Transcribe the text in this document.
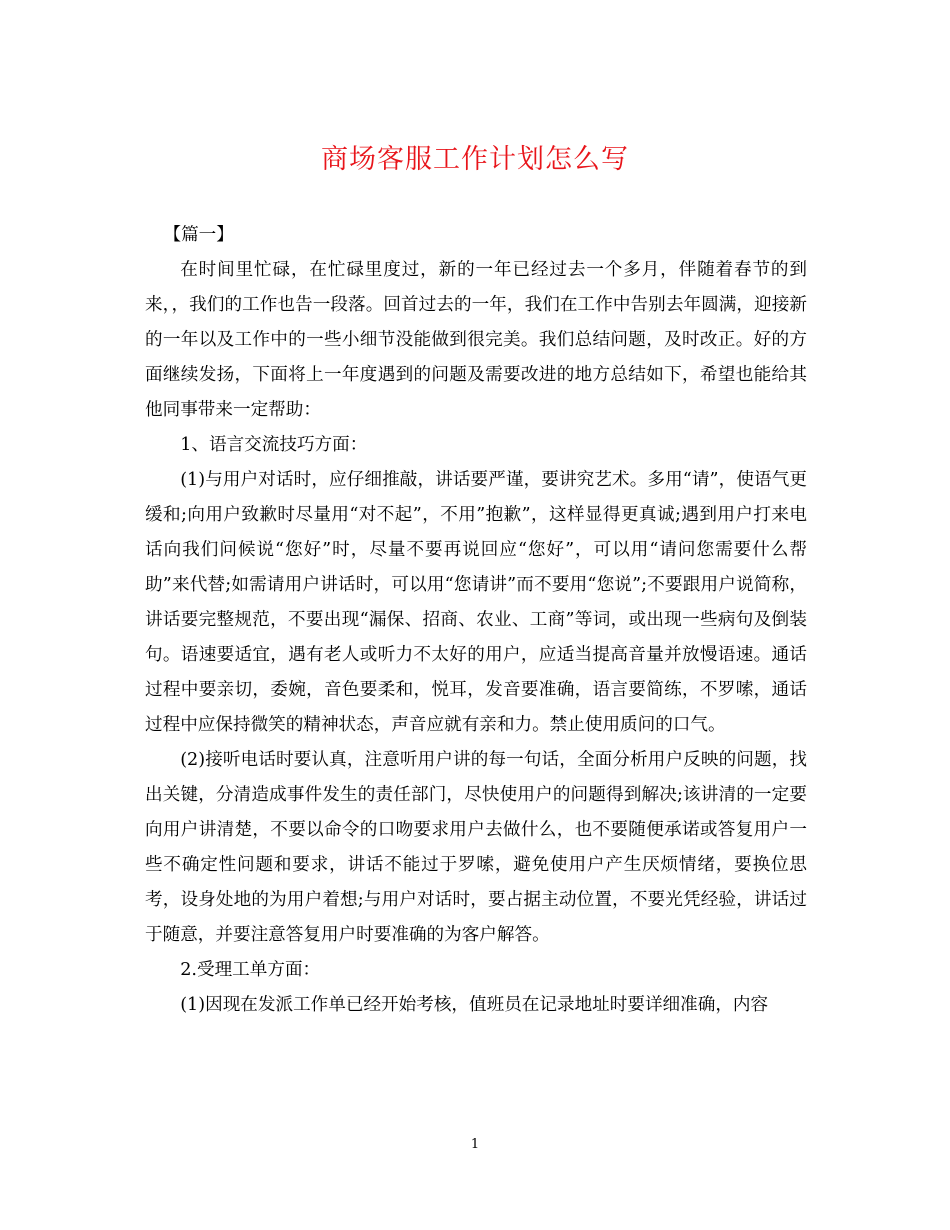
商场客服工作计划怎么写

【篇一】

在时间里忙碌，在忙碌里度过，新的一年已经过去一个多月，伴随着春节的到来，，我们的工作也告一段落。回首过去的一年，我们在工作中告别去年圆满，迎接新的一年以及工作中的一些小细节没能做到很完美。我们总结问题，及时改正。好的方面继续发扬，下面将上一年度遇到的问题及需要改进的地方总结如下，希望也能给其他同事带来一定帮助：

1、语言交流技巧方面：

(1)与用户对话时，应仔细推敲，讲话要严谨，要讲究艺术。多用“请”，使语气更缓和;向用户致歉时尽量用“对不起”，不用”抱歉”，这样显得更真诚;遇到用户打来电话向我们问候说“您好”时，尽量不要再说回应“您好”，可以用“请问您需要什么帮助”来代替;如需请用户讲话时，可以用“您请讲”而不要用“您说”;不要跟用户说简称，讲话要完整规范，不要出现“漏保、招商、农业、工商”等词，或出现一些病句及倒装句。语速要适宜，遇有老人或听力不太好的用户，应适当提高音量并放慢语速。通话过程中要亲切，委婉，音色要柔和，悦耳，发音要准确，语言要简练，不罗嗦，通话过程中应保持微笑的精神状态，声音应就有亲和力。禁止使用质问的口气。

(2)接听电话时要认真，注意听用户讲的每一句话，全面分析用户反映的问题，找出关键，分清造成事件发生的责任部门，尽快使用户的问题得到解决;该讲清的一定要向用户讲清楚，不要以命令的口吻要求用户去做什么，也不要随便承诺或答复用户一些不确定性问题和要求，讲话不能过于罗嗦，避免使用户产生厌烦情绪，要换位思考，设身处地的为用户着想;与用户对话时，要占据主动位置，不要光凭经验，讲话过于随意，并要注意答复用户时要准确的为客户解答。

2.受理工单方面：

(1)因现在发派工作单已经开始考核，值班员在记录地址时要详细准确，内容

1
